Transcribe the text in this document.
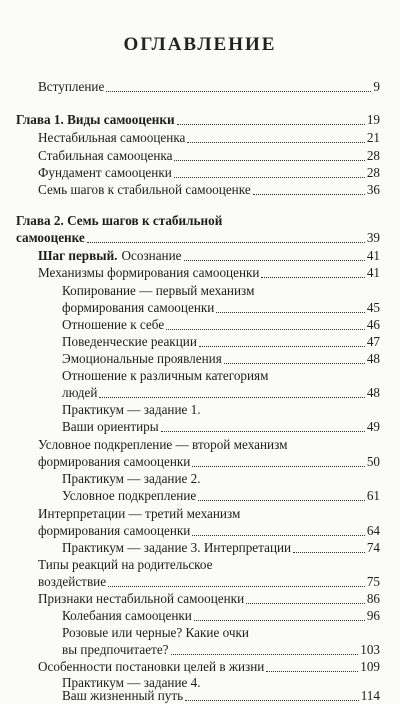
ОГЛАВЛЕНИЕ
Вступление	9
Глава 1. Виды самооценки	19
Нестабильная самооценка	21
Стабильная самооценка	28
Фундамент самооценки	28
Семь шагов к стабильной самооценке	36
Глава 2. Семь шагов к стабильной
самооценке	39
Шаг первый. Осознание	41
Механизмы формирования самооценки	41
Копирование — первый механизм
формирования самооценки	45
Отношение к себе	46
Поведенческие реакции	47
Эмоциональные проявления	48
Отношение к различным категориям
людей	48
Практикум — задание 1.
Ваши ориентиры	49
Условное подкрепление — второй механизм
формирования самооценки	50
Практикум — задание 2.
Условное подкрепление	61
Интерпретации — третий механизм
формирования самооценки	64
Практикум — задание 3. Интерпретации	74
Типы реакций на родительское
воздействие	75
Признаки нестабильной самооценки	86
Колебания самооценки	96
Розовые или черные? Какие очки
вы предпочитаете?	103
Особенности постановки целей в жизни	109
Практикум — задание 4.
Ваш жизненный путь	114
